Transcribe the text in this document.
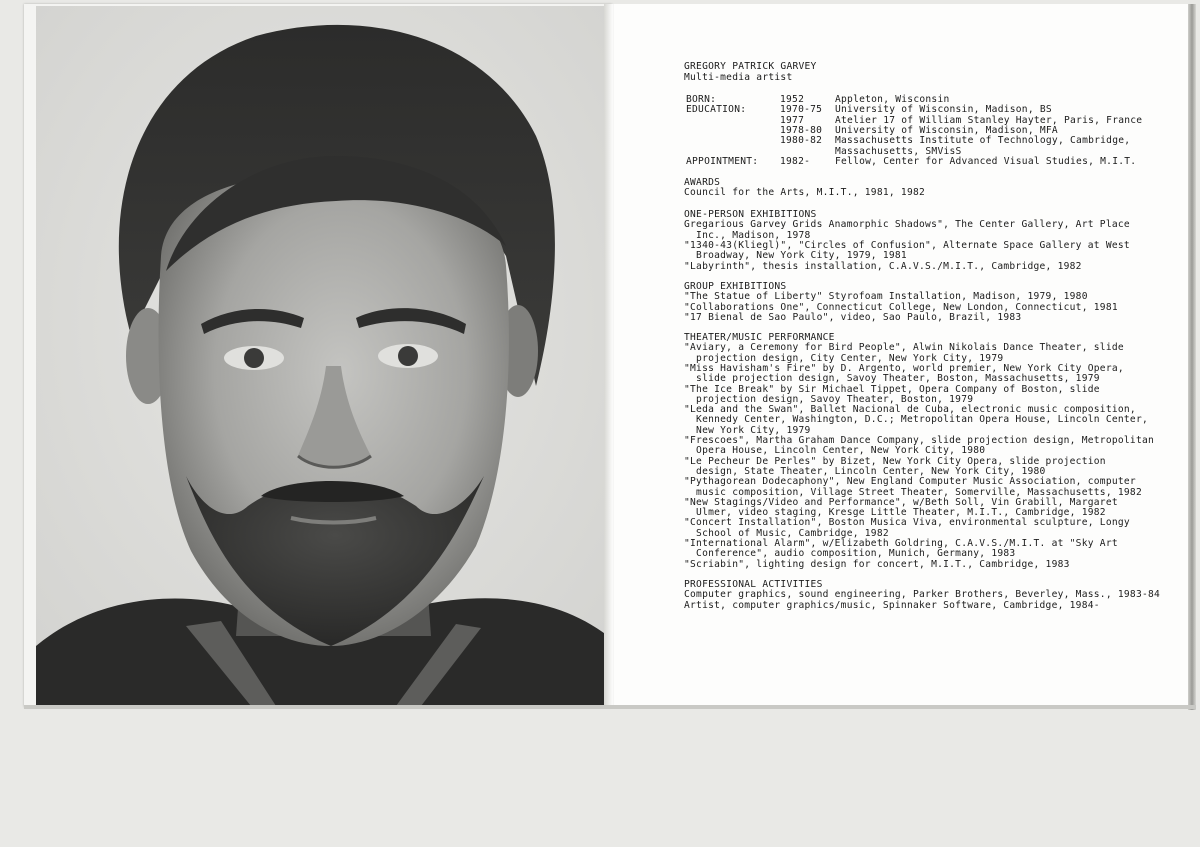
GREGORY PATRICK GARVEY
Multi-media artist
BORN:	1952	Appleton, Wisconsin
EDUCATION:	1970-75 University of Wisconsin, Madison, BS
1977	Atelier 17 of William Stanley Hayter, Paris, France
1978-80 University of Wisconsin, Madison, MFA
1980-82 Massachusetts Institute of Technology, Cambridge,
Massachusetts, SMVisS
APPOINTMENT: 1982-	Fellow, Center for Advanced Visual Studies, M.I.T.
AWARDS
Council for the Arts, M.I.T., 1981, 1982
ONE-PERSON EXHIBITIONS
Gregarious Garvey Grids Anamorphic Shadows", The Center Gallery, Art Place
Inc., Madison, 1978
"1340-43(Kliegl)", "Circles of Confusion", Alternate Space Gallery at West
Broadway, New York City, 1979, 1981
"Labyrinth", thesis installation, C.A.V.S./M.I.T., Cambridge, 1982
GROUP EXHIBITIONS
"The Statue of Liberty" Styrofoam Installation, Madison, 1979, 1980
"Collaborations One", Connecticut College, New London, Connecticut, 1981
"17 Bienal de Sao Paulo", video, Sao Paulo, Brazil, 1983
THEATER/MUSIC PERFORMANCE
"Aviary, a Ceremony for Bird People", Alwin Nikolais Dance Theater, slide
projection design, City Center, New York City, 1979
"Miss Havisham's Fire" by D. Argento, world premier, New York City Opera,
slide projection design, Savoy Theater, Boston, Massachusetts, 1979
"The Ice Break" by Sir Michael Tippet, Opera Company of Boston, slide
projection design, Savoy Theater, Boston, 1979
"Leda and the Swan", Ballet Nacional de Cuba, electronic music composition,
Kennedy Center, Washington, D.C.; Metropolitan Opera House, Lincoln Center,
New York City, 1979
"Frescoes", Martha Graham Dance Company, slide projection design, Metropolitan
Opera House, Lincoln Center, New York City, 1980
"Le Pecheur De Perles" by Bizet, New York City Opera, slide projection
design, State Theater, Lincoln Center, New York City, 1980
"Pythagorean Dodecaphony", New England Computer Music Association, computer
music composition, Village Street Theater, Somerville, Massachusetts, 1982
"New Stagings/Video and Performance", w/Beth Soll, Vin Grabill, Margaret
Ulmer, video staging, Kresge Little Theater, M.I.T., Cambridge, 1982
"Concert Installation", Boston Musica Viva, environmental sculpture, Longy
School of Music, Cambridge, 1982
"International Alarm", w/Elizabeth Goldring, C.A.V.S./M.I.T. at "Sky Art
Conference", audio composition, Munich, Germany, 1983
"Scriabin", lighting design for concert, M.I.T., Cambridge, 1983
PROFESSIONAL ACTIVITIES
Computer graphics, sound engineering, Parker Brothers, Beverley, Mass., 1983-84
Artist, computer graphics/music, Spinnaker Software, Cambridge, 1984-
